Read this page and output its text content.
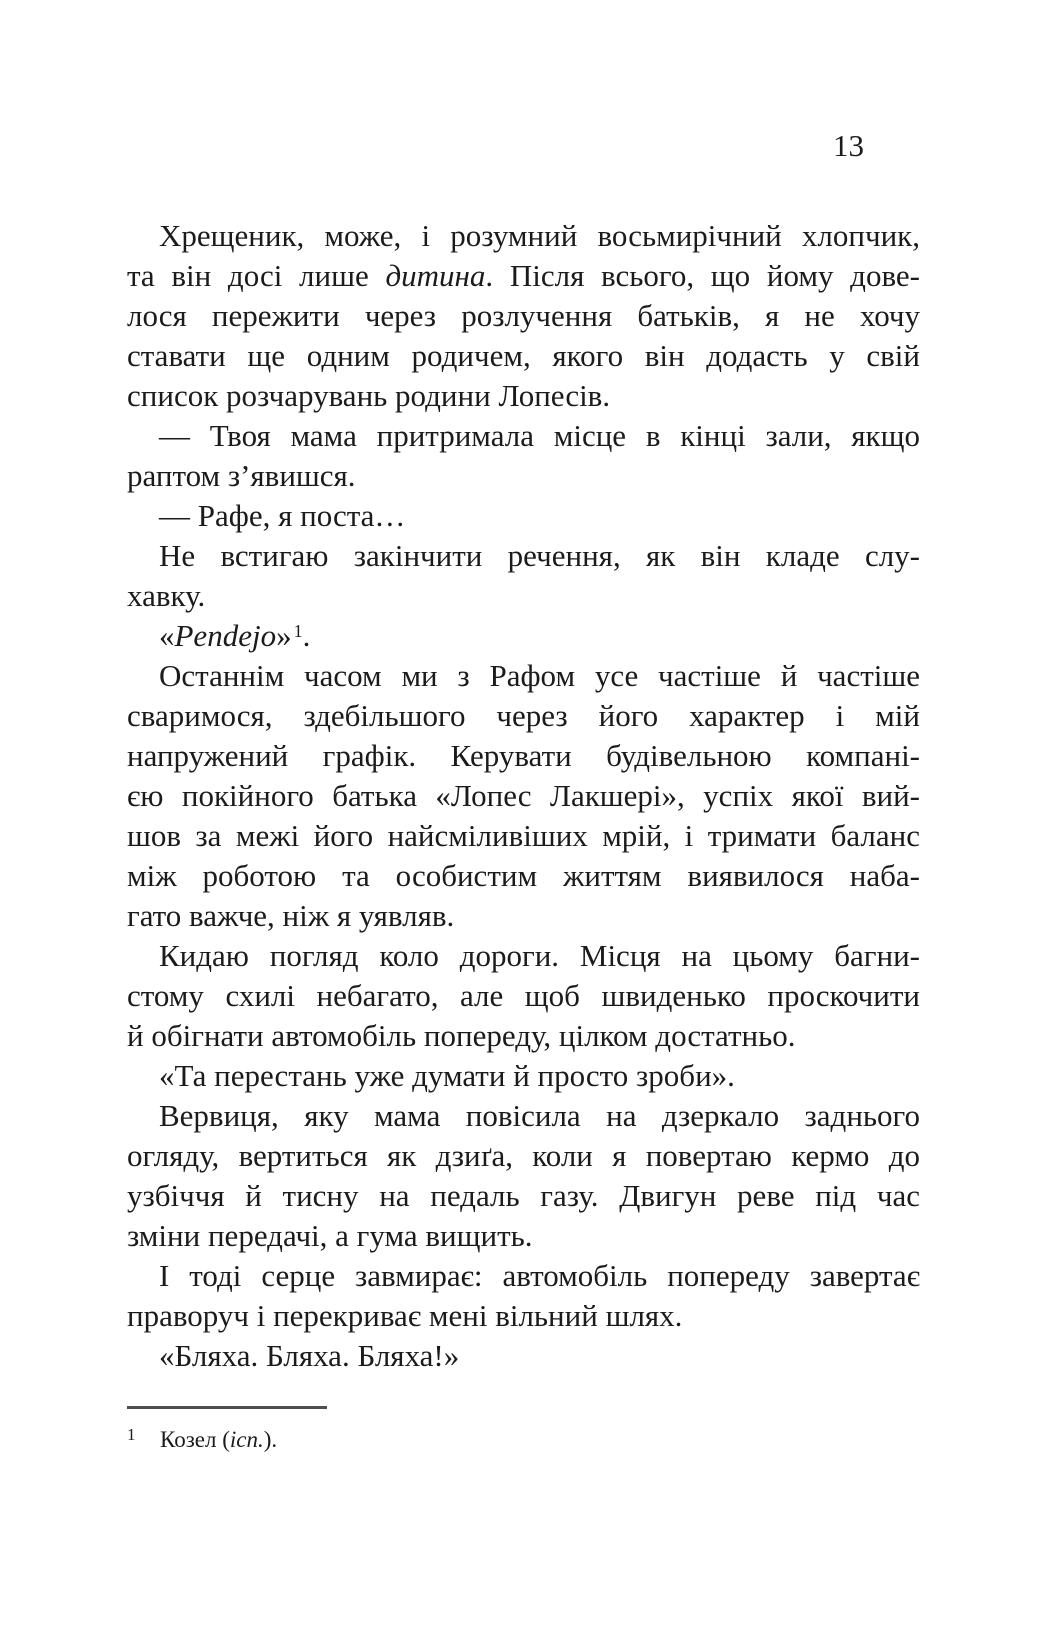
13
Хрещеник, може, і розумний восьмирічний хлопчик,
та він досі лише дитина. Після всього, що йому дове-
лося пережити через розлучення батьків, я не хочу
ставати ще одним родичем, якого він додасть у свій
список розчарувань родини Лопесів.
— Твоя мама притримала місце в кінці зали, якщо
раптом з’явишся.
— Рафе, я поста…
Не встигаю закінчити речення, як він кладе слу-
хавку.
«Pendejo» $^1$.
Останнім часом ми з Рафом усе частіше й частіше
сваримося, здебільшого через його характер і мій
напружений графік. Керувати будівельною компані-
єю покійного батька «Лопес Лакшері», успіх якої вий-
шов за межі його найсміливіших мрій, і тримати баланс
між роботою та особистим життям виявилося наба-
гато важче, ніж я уявляв.
Кидаю погляд коло дороги. Місця на цьому багни-
стому схилі небагато, але щоб швиденько проскочити
й обігнати автомобіль попереду, цілком достатньо.
«Та перестань уже думати й просто зроби».
Вервиця, яку мама повісила на дзеркало заднього
огляду, вертиться як дзиґа, коли я повертаю кермо до
узбіччя й тисну на педаль газу. Двигун реве під час
зміни передачі, а гума вищить.
І тоді серце завмирає: автомобіль попереду завертає
праворуч і перекриває мені вільний шлях.
«Бляха. Бляха. Бляха!»
1 Козел (ісп.).
